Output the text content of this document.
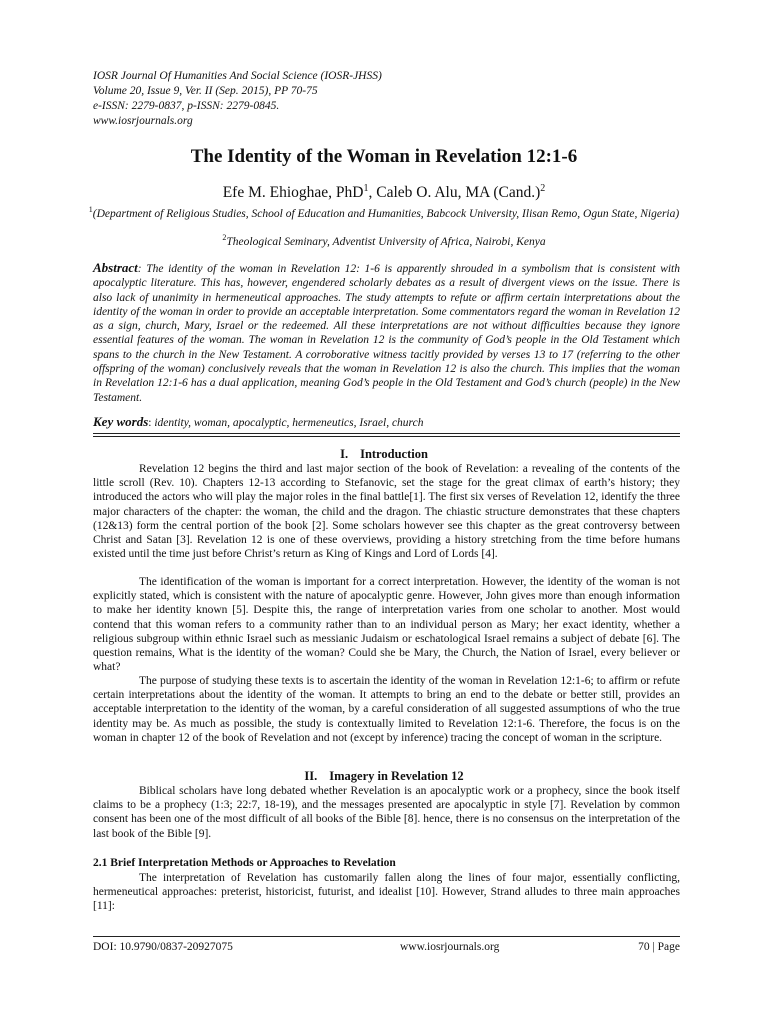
IOSR Journal Of Humanities And Social Science (IOSR-JHSS)
Volume 20, Issue 9, Ver. II (Sep. 2015), PP 70-75
e-ISSN: 2279-0837, p-ISSN: 2279-0845.
www.iosrjournals.org
The Identity of the Woman in Revelation 12:1-6
Efe M. Ehioghae, PhD$^1$, Caleb O. Alu, MA (Cand.)$^2$
$^1$(Department of Religious Studies, School of Education and Humanities, Babcock University, Ilisan Remo, Ogun State, Nigeria)
$^2$Theological Seminary, Adventist University of Africa, Nairobi, Kenya
Abstract: The identity of the woman in Revelation 12: 1-6 is apparently shrouded in a symbolism that is consistent with apocalyptic literature. This has, however, engendered scholarly debates as a result of divergent views on the issue. There is also lack of unanimity in hermeneutical approaches. The study attempts to refute or affirm certain interpretations about the identity of the woman in order to provide an acceptable interpretation. Some commentators regard the woman in Revelation 12 as a sign, church, Mary, Israel or the redeemed. All these interpretations are not without difficulties because they ignore essential features of the woman. The woman in Revelation 12 is the community of God’s people in the Old Testament which spans to the church in the New Testament. A corroborative witness tacitly provided by verses 13 to 17 (referring to the other offspring of the woman) conclusively reveals that the woman in Revelation 12 is also the church. This implies that the woman in Revelation 12:1-6 has a dual application, meaning God’s people in the Old Testament and God’s church (people) in the New Testament.
Key words: identity, woman, apocalyptic, hermeneutics, Israel, church
I. Introduction
Revelation 12 begins the third and last major section of the book of Revelation: a revealing of the contents of the little scroll (Rev. 10). Chapters 12-13 according to Stefanovic, set the stage for the great climax of earth’s history; they introduced the actors who will play the major roles in the final battle[1]. The first six verses of Revelation 12, identify the three major characters of the chapter: the woman, the child and the dragon. The chiastic structure demonstrates that these chapters (12&13) form the central portion of the book [2]. Some scholars however see this chapter as the great controversy between Christ and Satan [3]. Revelation 12 is one of these overviews, providing a history stretching from the time before humans existed until the time just before Christ’s return as King of Kings and Lord of Lords [4].
The identification of the woman is important for a correct interpretation. However, the identity of the woman is not explicitly stated, which is consistent with the nature of apocalyptic genre. However, John gives more than enough information to make her identity known [5]. Despite this, the range of interpretation varies from one scholar to another. Most would contend that this woman refers to a community rather than to an individual person as Mary; her exact identity, whether a religious subgroup within ethnic Israel such as messianic Judaism or eschatological Israel remains a subject of debate [6]. The question remains, What is the identity of the woman? Could she be Mary, the Church, the Nation of Israel, every believer or what?
The purpose of studying these texts is to ascertain the identity of the woman in Revelation 12:1-6; to affirm or refute certain interpretations about the identity of the woman. It attempts to bring an end to the debate or better still, provides an acceptable interpretation to the identity of the woman, by a careful consideration of all suggested assumptions of who the true identity may be. As much as possible, the study is contextually limited to Revelation 12:1-6. Therefore, the focus is on the woman in chapter 12 of the book of Revelation and not (except by inference) tracing the concept of woman in the scripture.
II. Imagery in Revelation 12
Biblical scholars have long debated whether Revelation is an apocalyptic work or a prophecy, since the book itself claims to be a prophecy (1:3; 22:7, 18-19), and the messages presented are apocalyptic in style [7]. Revelation by common consent has been one of the most difficult of all books of the Bible [8]. hence, there is no consensus on the interpretation of the last book of the Bible [9].
2.1 Brief Interpretation Methods or Approaches to Revelation
The interpretation of Revelation has customarily fallen along the lines of four major, essentially conflicting, hermeneutical approaches: preterist, historicist, futurist, and idealist [10]. However, Strand alludes to three main approaches [11]:
DOI: 10.9790/0837-20927075	www.iosrjournals.org	70 | Page
